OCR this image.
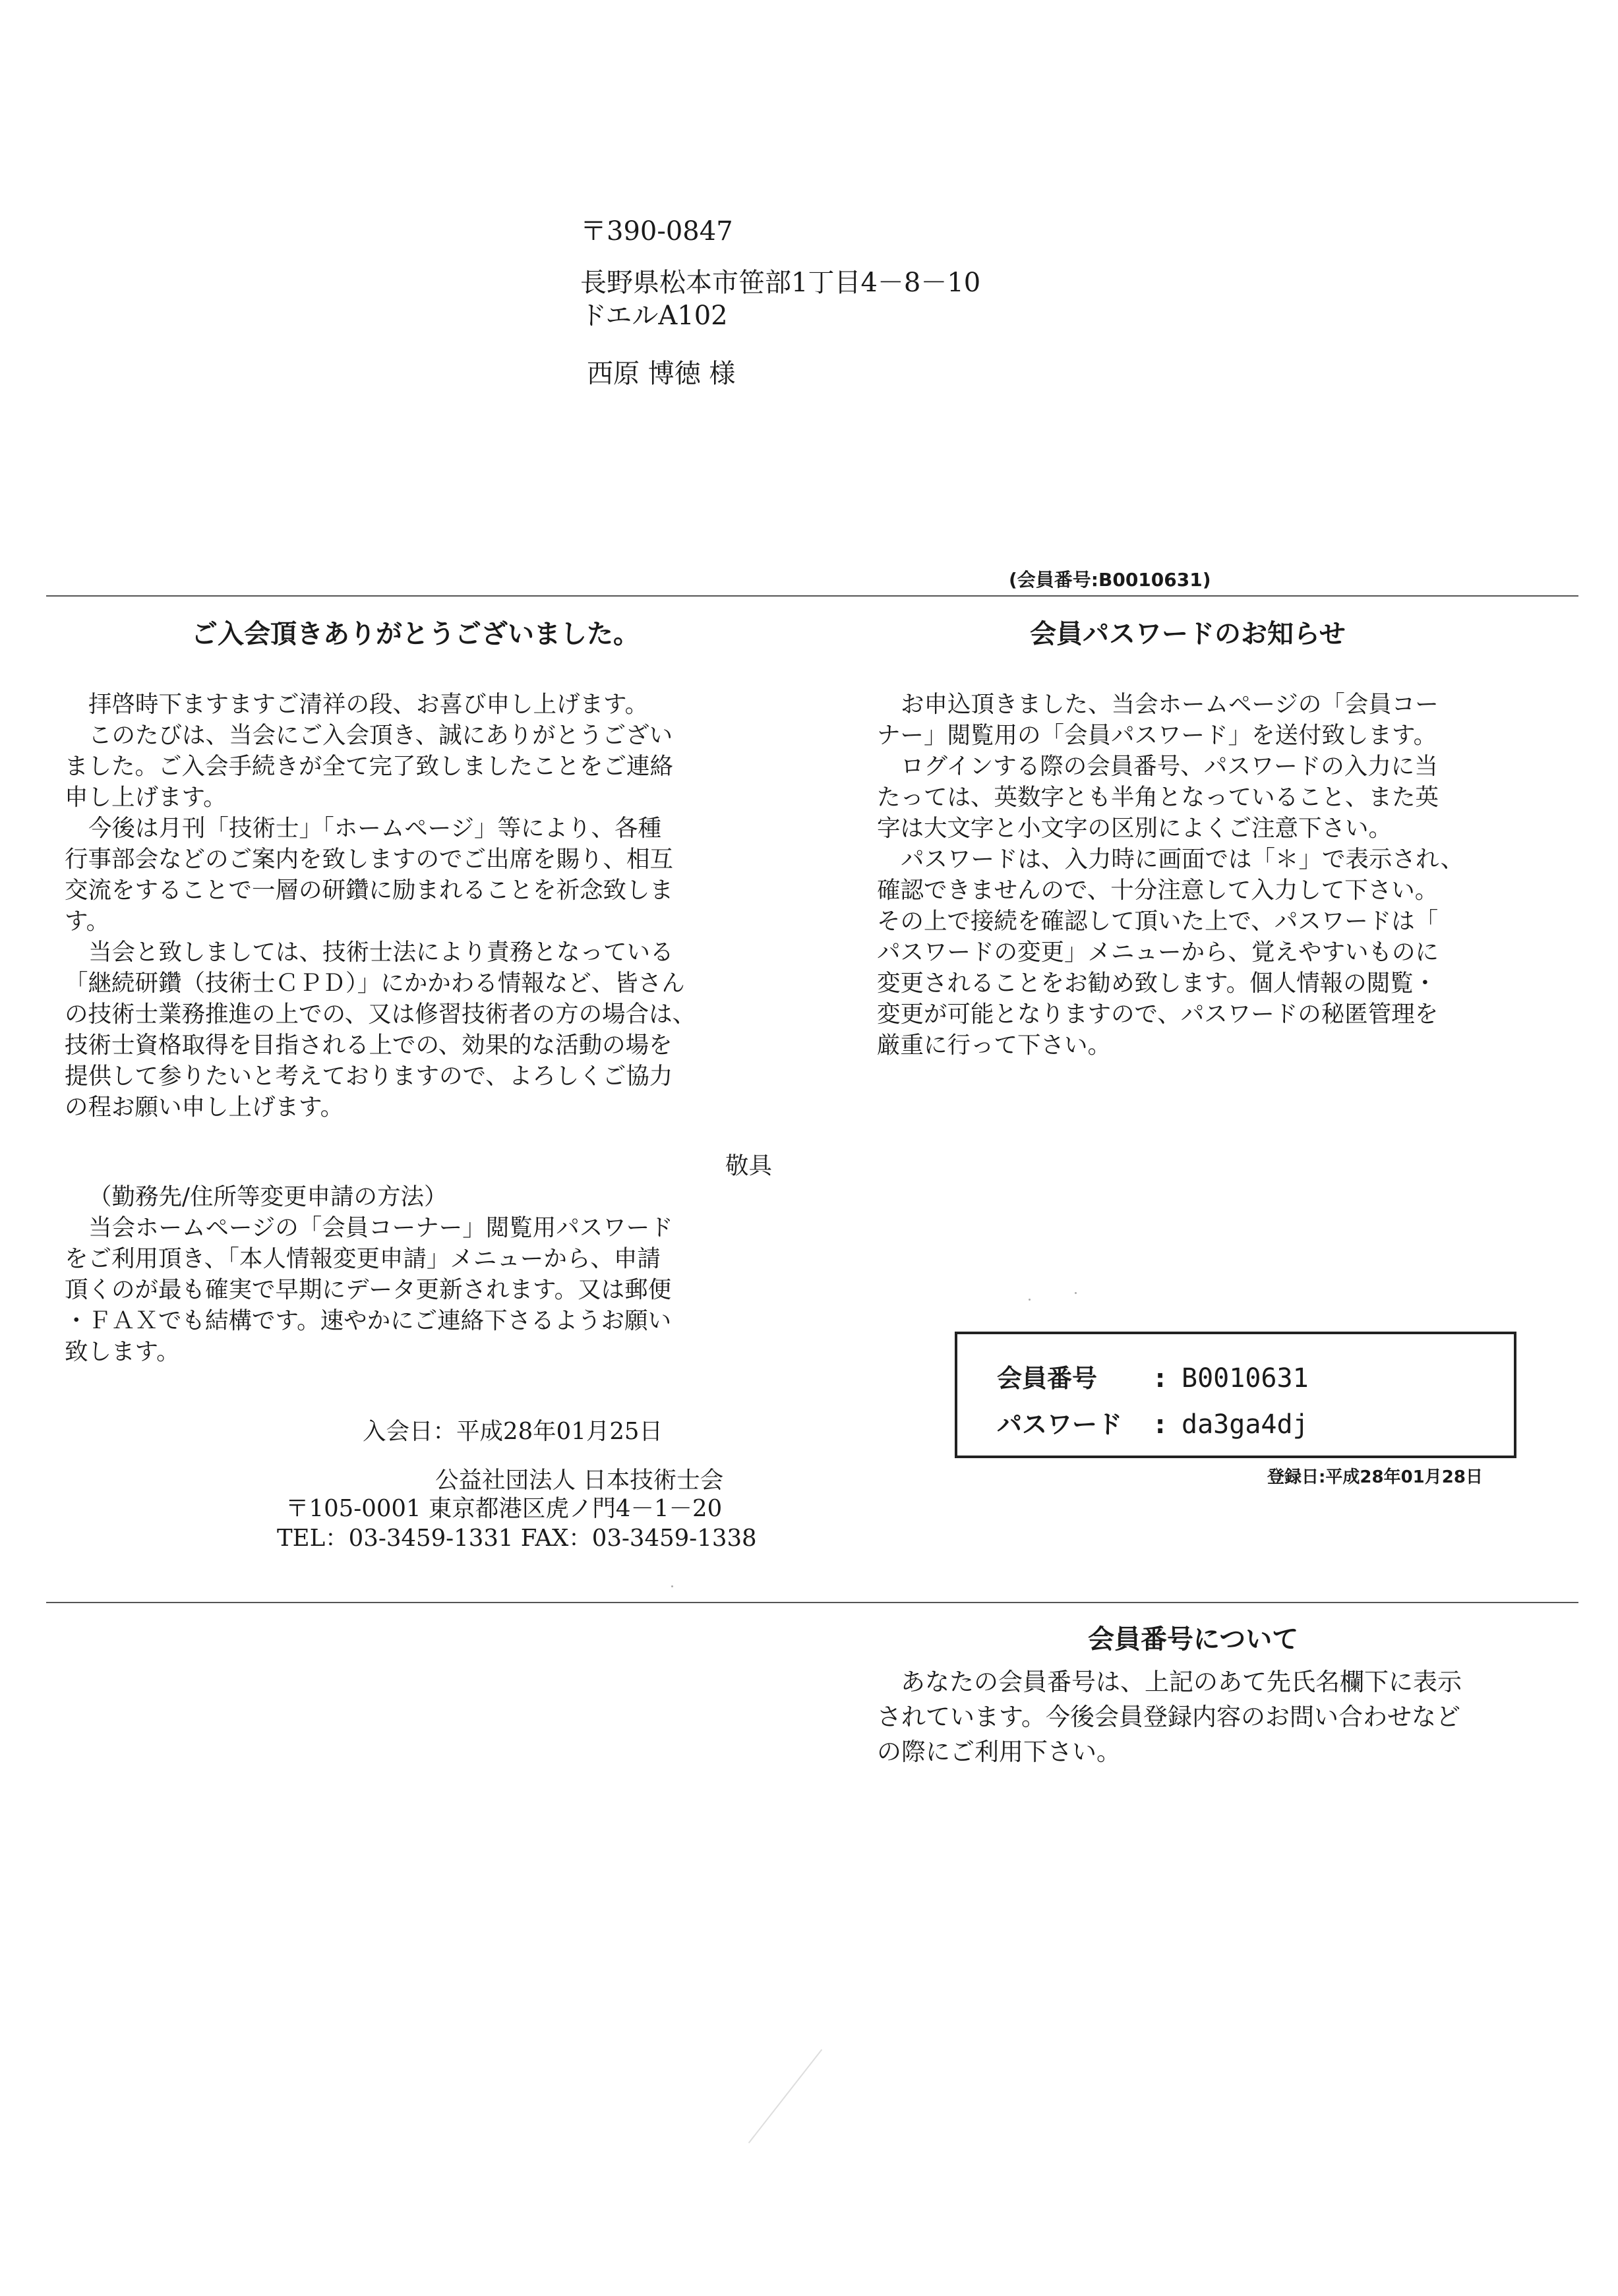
〒390-0847
長野県松本市笹部1丁目4－8－10
ドエルA102
西原 博徳 様
(会員番号:B0010631)
ご入会頂きありがとうございました。	会員パスワードのお知らせ
拝啓時下ますますご清祥の段、お喜び申し上げます。
このたびは、当会にご入会頂き、誠にありがとうござい
ました。ご入会手続きが全て完了致しましたことをご連絡
申し上げます。
今後は月刊「技術士」「ホームページ」等により、各種
行事部会などのご案内を致しますのでご出席を賜り、相互
交流をすることで一層の研鑽に励まれることを祈念致しま
す。
当会と致しましては、技術士法により責務となっている
「継続研鑽（技術士ＣＰＤ）」にかかわる情報など、皆さん
の技術士業務推進の上での、又は修習技術者の方の場合は、
技術士資格取得を目指される上での、効果的な活動の場を
提供して参りたいと考えておりますので、よろしくご協力
の程お願い申し上げます。
敬具
（勤務先/住所等変更申請の方法）
当会ホームページの「会員コーナー」閲覧用パスワード
をご利用頂き、「本人情報変更申請」メニューから、申請
頂くのが最も確実で早期にデータ更新されます。又は郵便
・ＦＡＸでも結構です。速やかにご連絡下さるようお願い
致します。
入会日：平成28年01月25日
公益社団法人 日本技術士会
〒105-0001 東京都港区虎ノ門4－1－20
TEL：03-3459-1331 FAX：03-3459-1338
お申込頂きました、当会ホームページの「会員コー
ナー」閲覧用の「会員パスワード」を送付致します。
ログインする際の会員番号、パスワードの入力に当
たっては、英数字とも半角となっていること、また英
字は大文字と小文字の区別によくご注意下さい。
パスワードは、入力時に画面では「＊」で表示され、
確認できませんので、十分注意して入力して下さい。
その上で接続を確認して頂いた上で、パスワードは「
パスワードの変更」メニューから、覚えやすいものに
変更されることをお勧め致します。個人情報の閲覧・
変更が可能となりますので、パスワードの秘匿管理を
厳重に行って下さい。
会員番号 : B0010631
パスワード : da3ga4dj
登録日:平成28年01月28日
会員番号について
あなたの会員番号は、上記のあて先氏名欄下に表示
されています。今後会員登録内容のお問い合わせなど
の際にご利用下さい。
